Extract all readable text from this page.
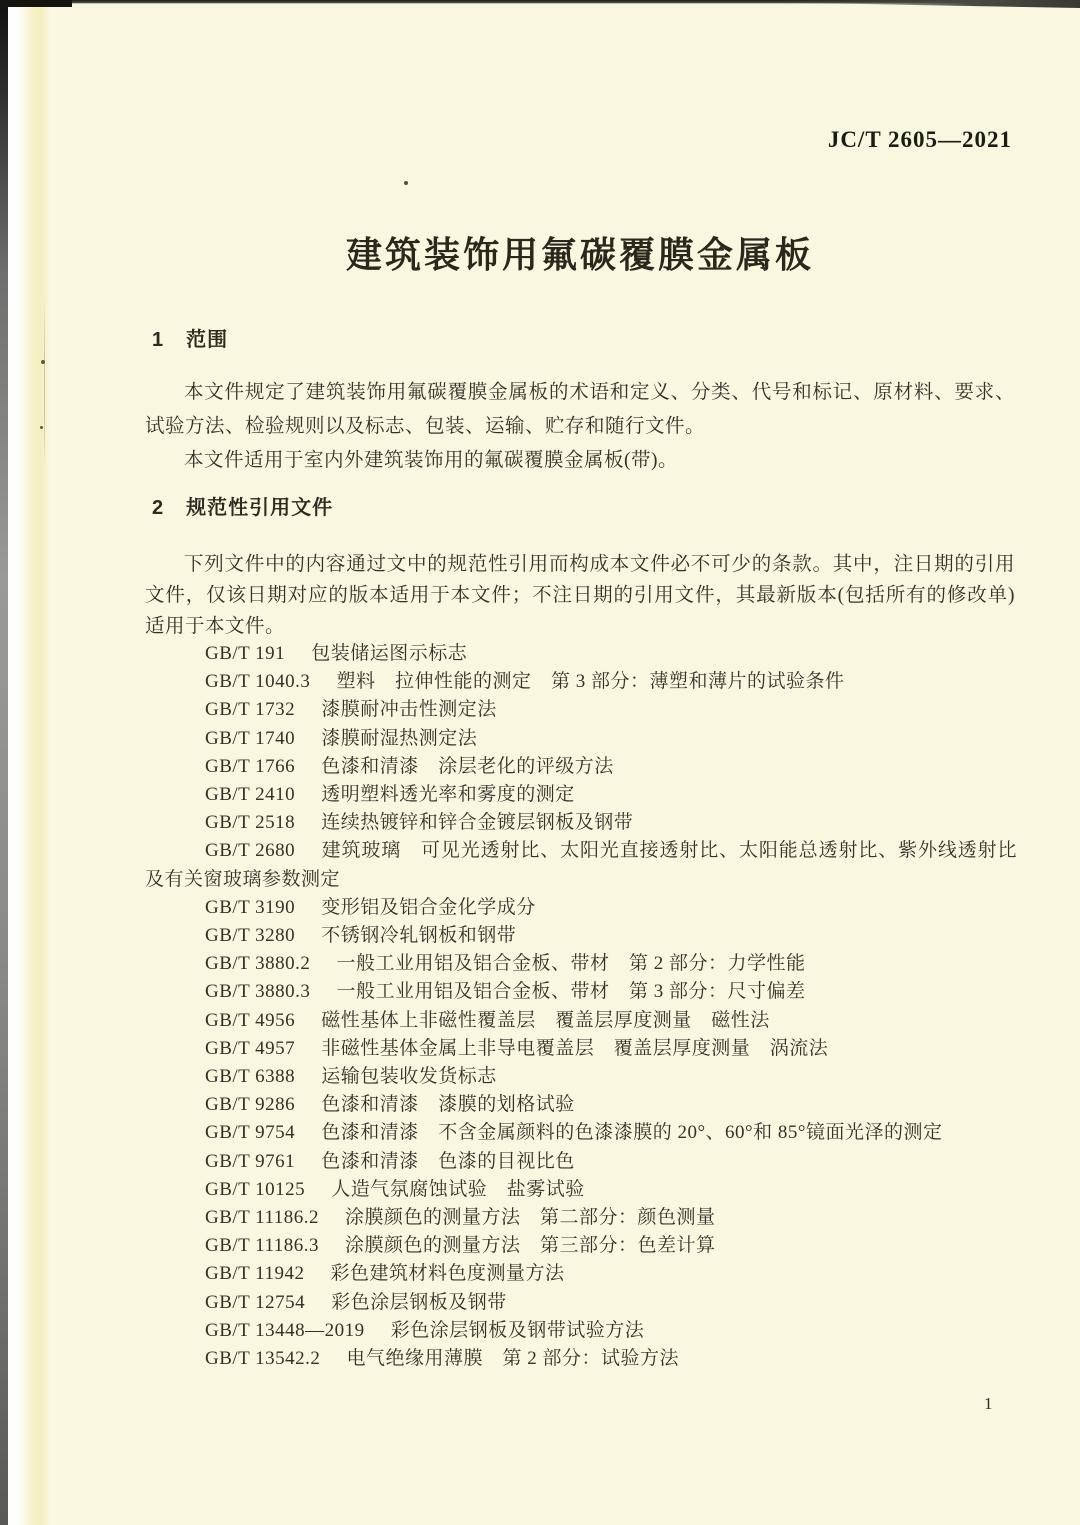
JC/T 2605—2021
建筑装饰用氟碳覆膜金属板
1 范围

本文件规定了建筑装饰用氟碳覆膜金属板的术语和定义、分类、代号和标记、原材料、要求、试验方法、检验规则以及标志、包装、运输、贮存和随行文件。

本文件适用于室内外建筑装饰用的氟碳覆膜金属板(带)。

2 规范性引用文件

下列文件中的内容通过文中的规范性引用而构成本文件必不可少的条款。其中，注日期的引用文件，仅该日期对应的版本适用于本文件；不注日期的引用文件，其最新版本(包括所有的修改单)适用于本文件。

GB/T 191 包装储运图示标志

GB/T 1040.3 塑料　拉伸性能的测定　第 3 部分：薄塑和薄片的试验条件

GB/T 1732 漆膜耐冲击性测定法

GB/T 1740 漆膜耐湿热测定法

GB/T 1766 色漆和清漆　涂层老化的评级方法

GB/T 2410 透明塑料透光率和雾度的测定

GB/T 2518 连续热镀锌和锌合金镀层钢板及钢带

GB/T 2680 建筑玻璃　可见光透射比、太阳光直接透射比、太阳能总透射比、紫外线透射比及有关窗玻璃参数测定

GB/T 3190 变形铝及铝合金化学成分

GB/T 3280 不锈钢冷轧钢板和钢带

GB/T 3880.2 一般工业用铝及铝合金板、带材　第 2 部分：力学性能

GB/T 3880.3 一般工业用铝及铝合金板、带材　第 3 部分：尺寸偏差

GB/T 4956 磁性基体上非磁性覆盖层　覆盖层厚度测量　磁性法

GB/T 4957 非磁性基体金属上非导电覆盖层　覆盖层厚度测量　涡流法

GB/T 6388 运输包装收发货标志

GB/T 9286 色漆和清漆　漆膜的划格试验

GB/T 9754 色漆和清漆　不含金属颜料的色漆漆膜的 20°、60°和 85°镜面光泽的测定

GB/T 9761 色漆和清漆　色漆的目视比色

GB/T 10125 人造气氛腐蚀试验　盐雾试验

GB/T 11186.2 涂膜颜色的测量方法　第二部分：颜色测量

GB/T 11186.3 涂膜颜色的测量方法　第三部分：色差计算

GB/T 11942 彩色建筑材料色度测量方法

GB/T 12754 彩色涂层钢板及钢带

GB/T 13448—2019 彩色涂层钢板及钢带试验方法

GB/T 13542.2 电气绝缘用薄膜　第 2 部分：试验方法

1
